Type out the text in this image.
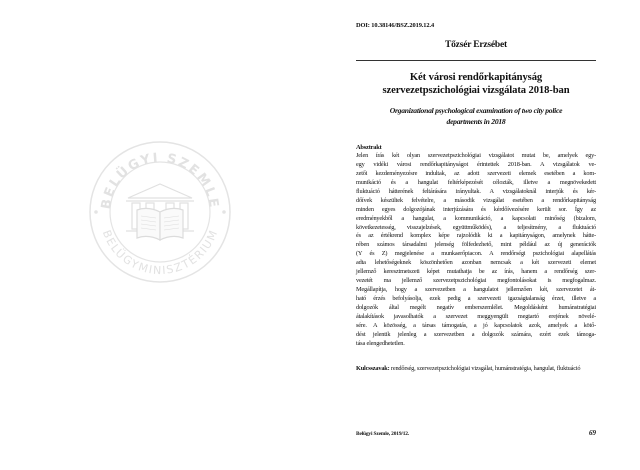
BELÜGYI SZEMLE
BELÜGYMINISZTÉRIUM
DOI: 10.38146/BSZ.2019.12.4
Tőzsér Erzsébet
Két városi rendőrkapitányság
szervezetpszichológiai vizsgálata 2018-ban
Organizational psychological examination of two city police
departments in 2018
Absztrakt
Jelen írás két olyan szervezetpszichológiai vizsgálatot mutat be, amelyek egy-
egy vidéki városi rendőrkapitányságot érintettek 2018-ban. A vizsgálatok ve-
zetői kezdeményezésre indultak, az adott szervezeti elemek esetében a kom-
munikáció és a hangulat feltérképezését célozták, illetve a megnövekedett
fluktuáció hátterének feltárására irányultak. A vizsgálatoknál interjúk és kér-
dőívek készültek felvételre, a második vizsgálat esetében a rendőrkapitányság
minden egyes dolgozójának interjúzására és kérdőívezésére került sor. Így az
eredményekből a hangulat, a kommunikáció, a kapcsolati minőség (bizalom,
következetesség, visszajelzések, együttműködés), a teljesítmény, a fluktuáció
és az értékrend komplex képe rajzolódik ki a kapitányságon, amelynek hátte-
rében számos társadalmi jelenség fölfedezhető, mint például az új generációk
(Y és Z) megjelenése a munkaerőpiacon. A rendőrségi pszichológiai alapellátás
adta lehetőségeknek köszönhetően azonban nemcsak a két szervezeti elemet
jellemző keresztmetszeti képet mutathatja be az írás, hanem a rendőrség szer-
vezetét ma jellemző szervezetpszichológiai megfontolásokat is megfogalmaz.
Megállapítja, hogy a szervezetben a hangulatot jellemzően két, szervezetet át-
ható érzés befolyásolja, ezek pedig a szervezeti igazságtalanság érzet, illetve a
dolgozók által megélt negatív emberszemlélet. Megoldásként humánstratégiai
átalakítások javasolhatók a szervezet meggyengült megtartó erejének növelé-
sére. A közösség, a társas támogatás, a jó kapcsolatok azok, amelyek a kötő-
dést jelentik jelenleg a szervezetben a dolgozók számára, ezért ezek támoga-
tása elengedhetetlen.
Kulcsszavak: rendőrség, szervezetpszichológiai vizsgálat, humánstratégia, hangulat, fluktuáció
Belügyi Szemle, 2019/12.	69
